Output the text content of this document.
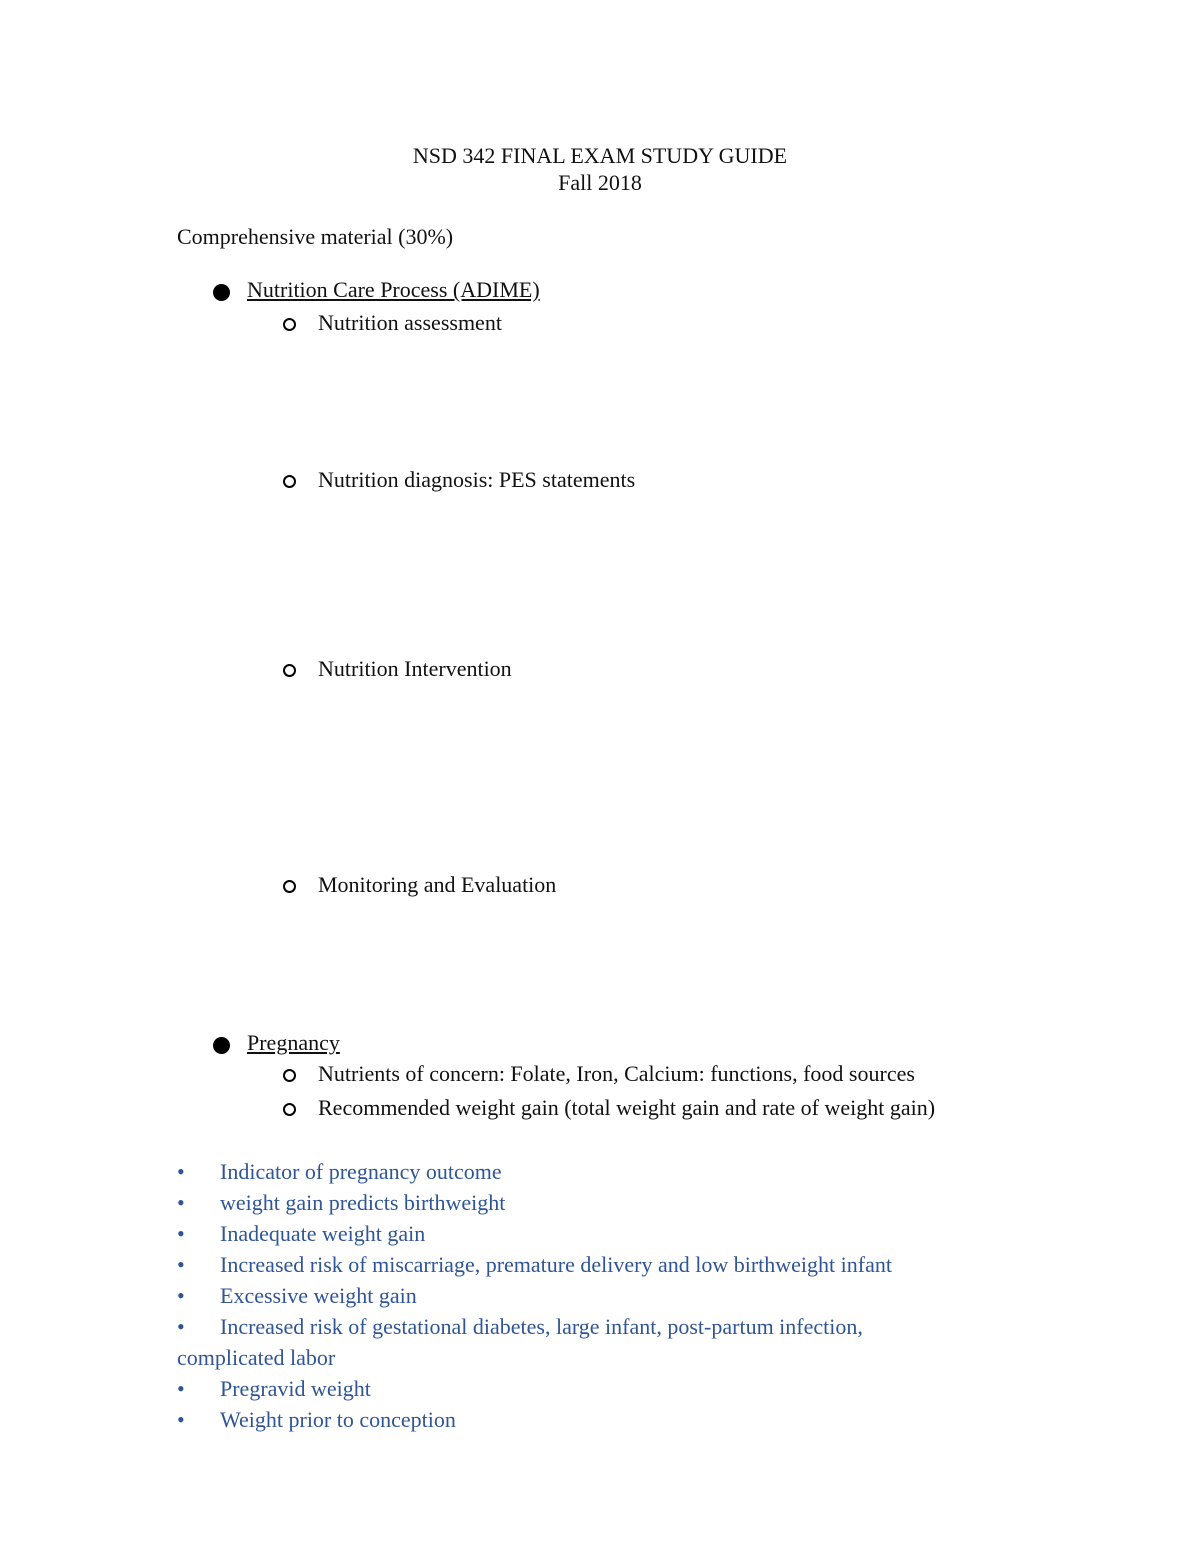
NSD 342 FINAL EXAM STUDY GUIDE
Fall 2018
Comprehensive material (30%)
Nutrition Care Process (ADIME)
Nutrition assessment
Nutrition diagnosis: PES statements
Nutrition Intervention
Monitoring and Evaluation
Pregnancy
Nutrients of concern: Folate, Iron, Calcium: functions, food sources
Recommended weight gain (total weight gain and rate of weight gain)
•	Indicator of pregnancy outcome
•	weight gain predicts birthweight
•	Inadequate weight gain
•	Increased risk of miscarriage, premature delivery and low birthweight infant
•	Excessive weight gain
•	Increased risk of gestational diabetes, large infant, post-partum infection, complicated labor
•	Pregravid weight
•	Weight prior to conception
